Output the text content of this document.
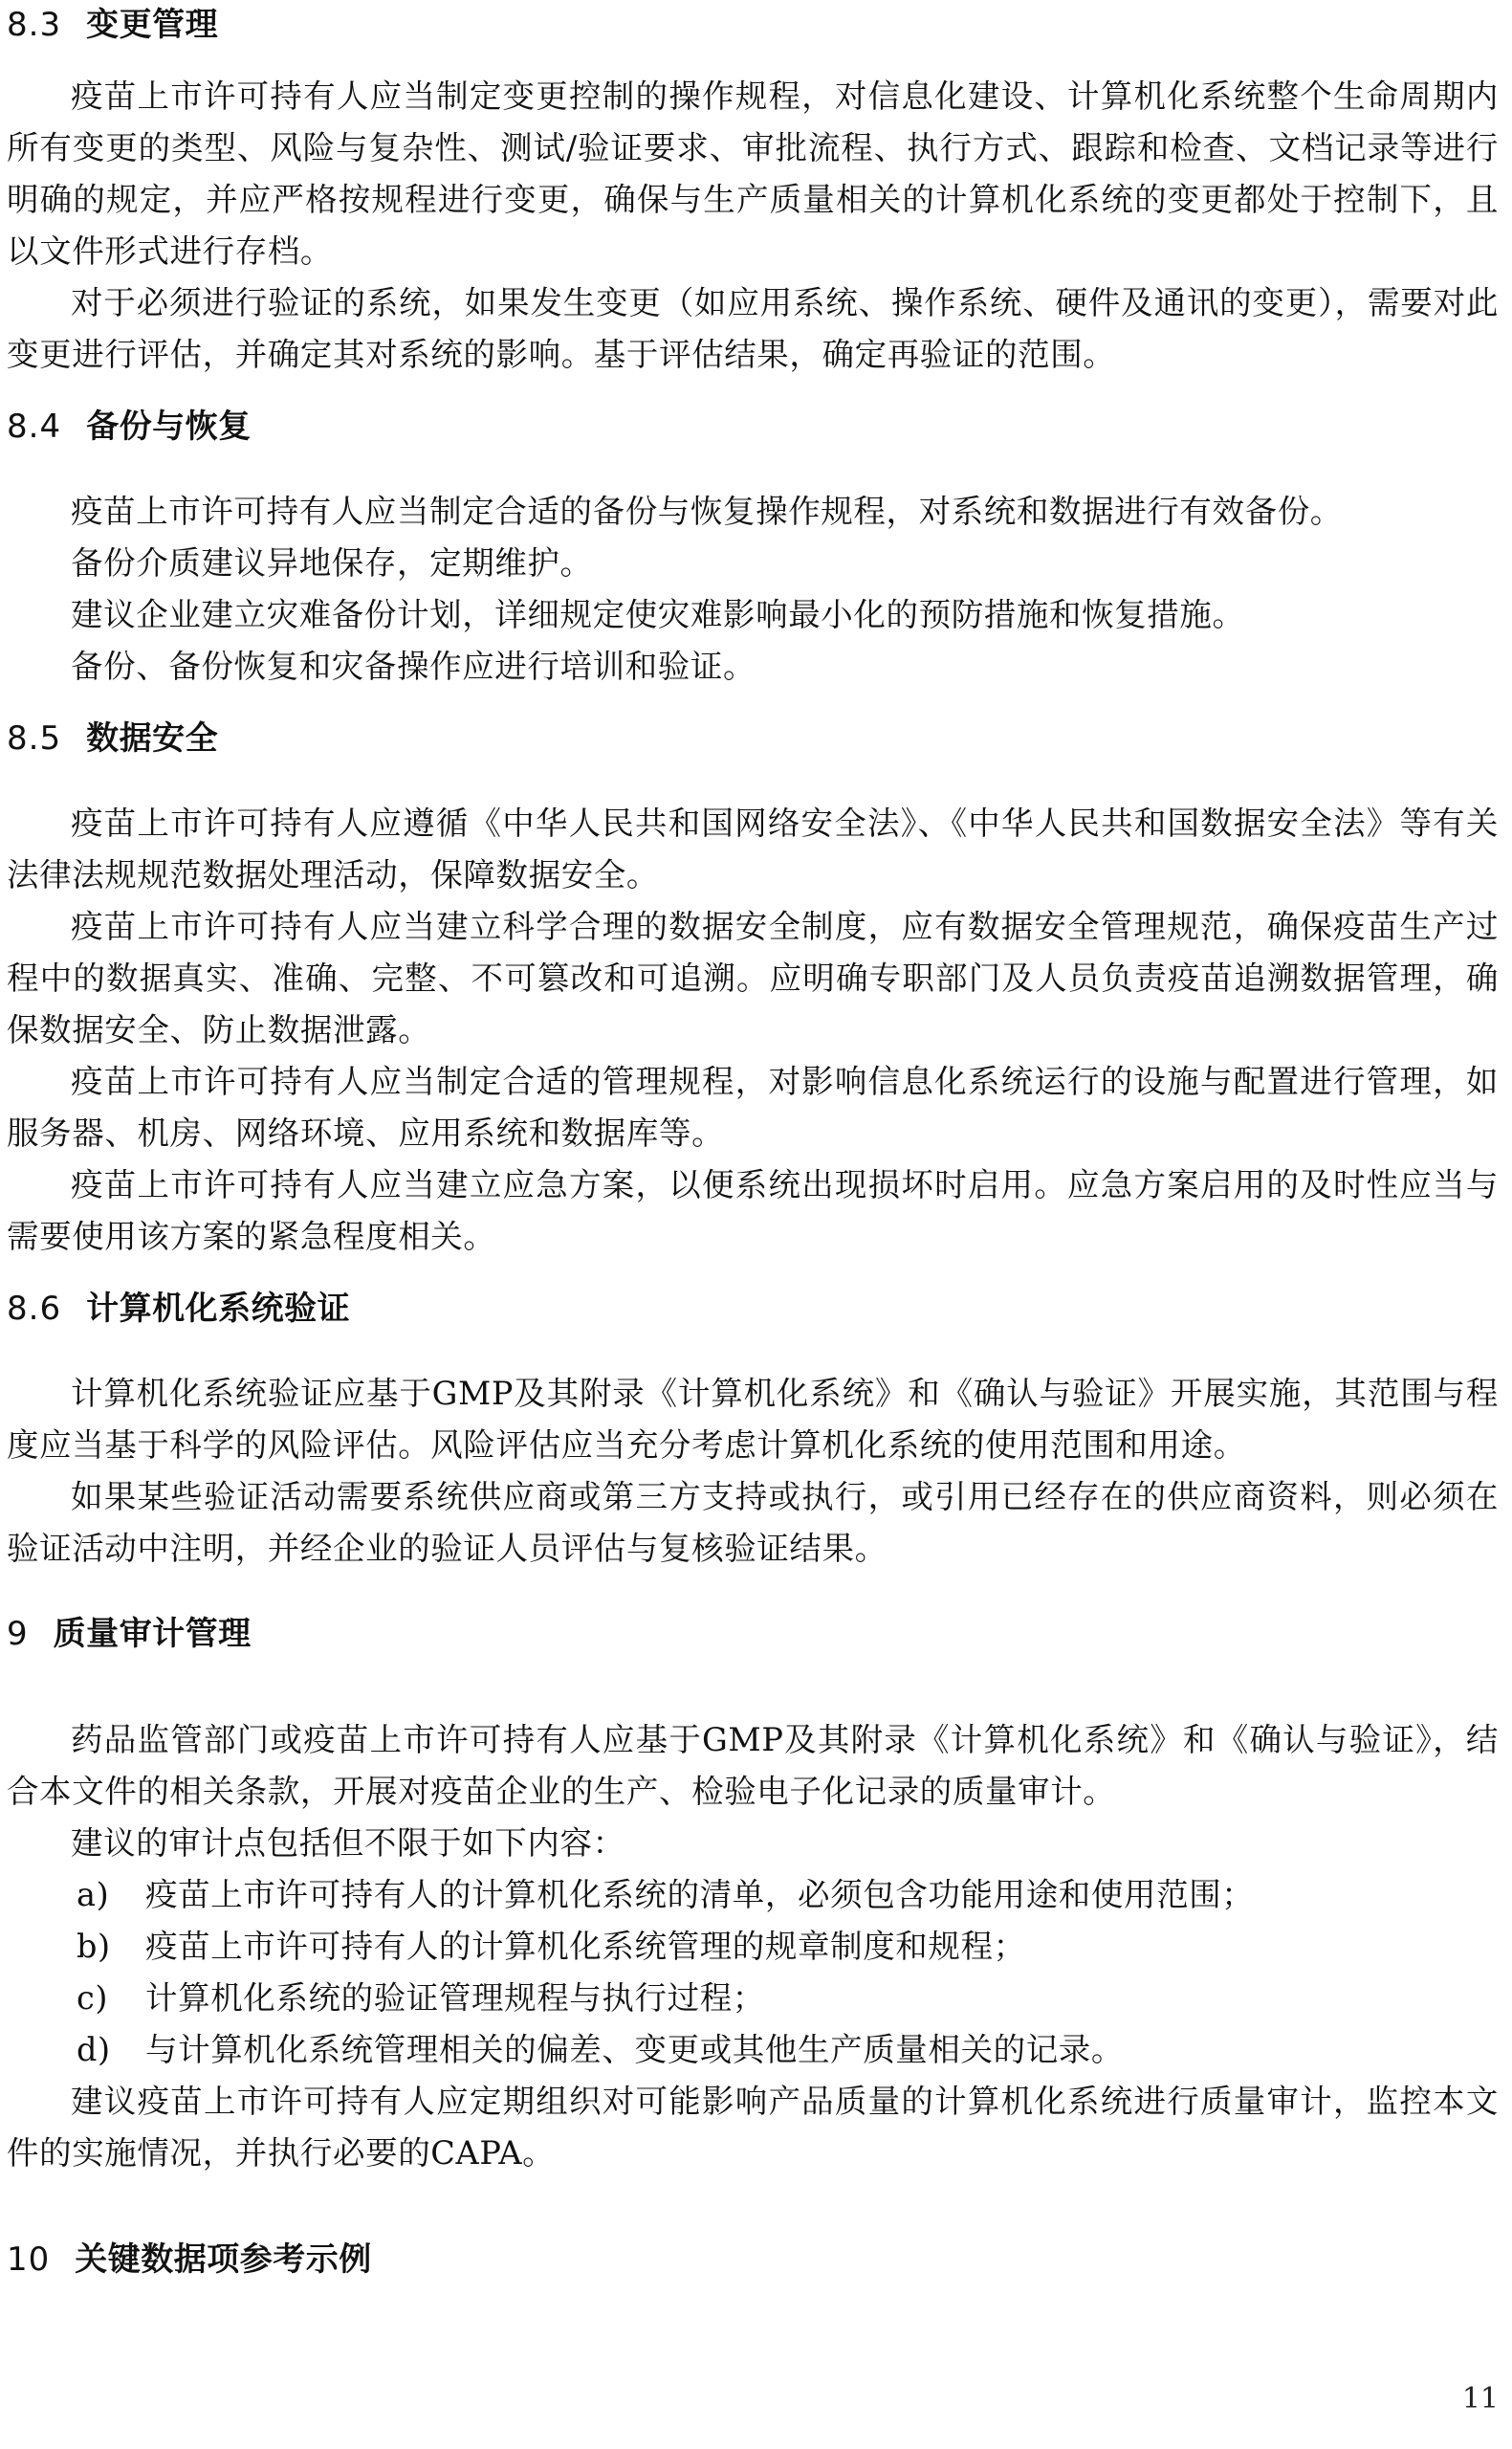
8.3 变更管理

疫苗上市许可持有人应当制定变更控制的操作规程，对信息化建设、计算机化系统整个生命周期内所有变更的类型、风险与复杂性、测试/验证要求、审批流程、执行方式、跟踪和检查、文档记录等进行明确的规定，并应严格按规程进行变更，确保与生产质量相关的计算机化系统的变更都处于控制下，且以文件形式进行存档。

对于必须进行验证的系统，如果发生变更（如应用系统、操作系统、硬件及通讯的变更），需要对此变更进行评估，并确定其对系统的影响。基于评估结果，确定再验证的范围。

8.4 备份与恢复

疫苗上市许可持有人应当制定合适的备份与恢复操作规程，对系统和数据进行有效备份。

备份介质建议异地保存，定期维护。

建议企业建立灾难备份计划，详细规定使灾难影响最小化的预防措施和恢复措施。

备份、备份恢复和灾备操作应进行培训和验证。

8.5 数据安全

疫苗上市许可持有人应遵循《中华人民共和国网络安全法》、《中华人民共和国数据安全法》等有关法律法规规范数据处理活动，保障数据安全。

疫苗上市许可持有人应当建立科学合理的数据安全制度，应有数据安全管理规范，确保疫苗生产过程中的数据真实、准确、完整、不可篡改和可追溯。应明确专职部门及人员负责疫苗追溯数据管理，确保数据安全、防止数据泄露。

疫苗上市许可持有人应当制定合适的管理规程，对影响信息化系统运行的设施与配置进行管理，如服务器、机房、网络环境、应用系统和数据库等。

疫苗上市许可持有人应当建立应急方案，以便系统出现损坏时启用。应急方案启用的及时性应当与需要使用该方案的紧急程度相关。

8.6 计算机化系统验证

计算机化系统验证应基于GMP及其附录《计算机化系统》和《确认与验证》开展实施，其范围与程度应当基于科学的风险评估。风险评估应当充分考虑计算机化系统的使用范围和用途。

如果某些验证活动需要系统供应商或第三方支持或执行，或引用已经存在的供应商资料，则必须在验证活动中注明，并经企业的验证人员评估与复核验证结果。

9 质量审计管理

药品监管部门或疫苗上市许可持有人应基于GMP及其附录《计算机化系统》和《确认与验证》，结合本文件的相关条款，开展对疫苗企业的生产、检验电子化记录的质量审计。

建议的审计点包括但不限于如下内容：

a) 疫苗上市许可持有人的计算机化系统的清单，必须包含功能用途和使用范围；

b) 疫苗上市许可持有人的计算机化系统管理的规章制度和规程；

c) 计算机化系统的验证管理规程与执行过程；

d) 与计算机化系统管理相关的偏差、变更或其他生产质量相关的记录。

建议疫苗上市许可持有人应定期组织对可能影响产品质量的计算机化系统进行质量审计，监控本文件的实施情况，并执行必要的CAPA。

10 关键数据项参考示例
11
